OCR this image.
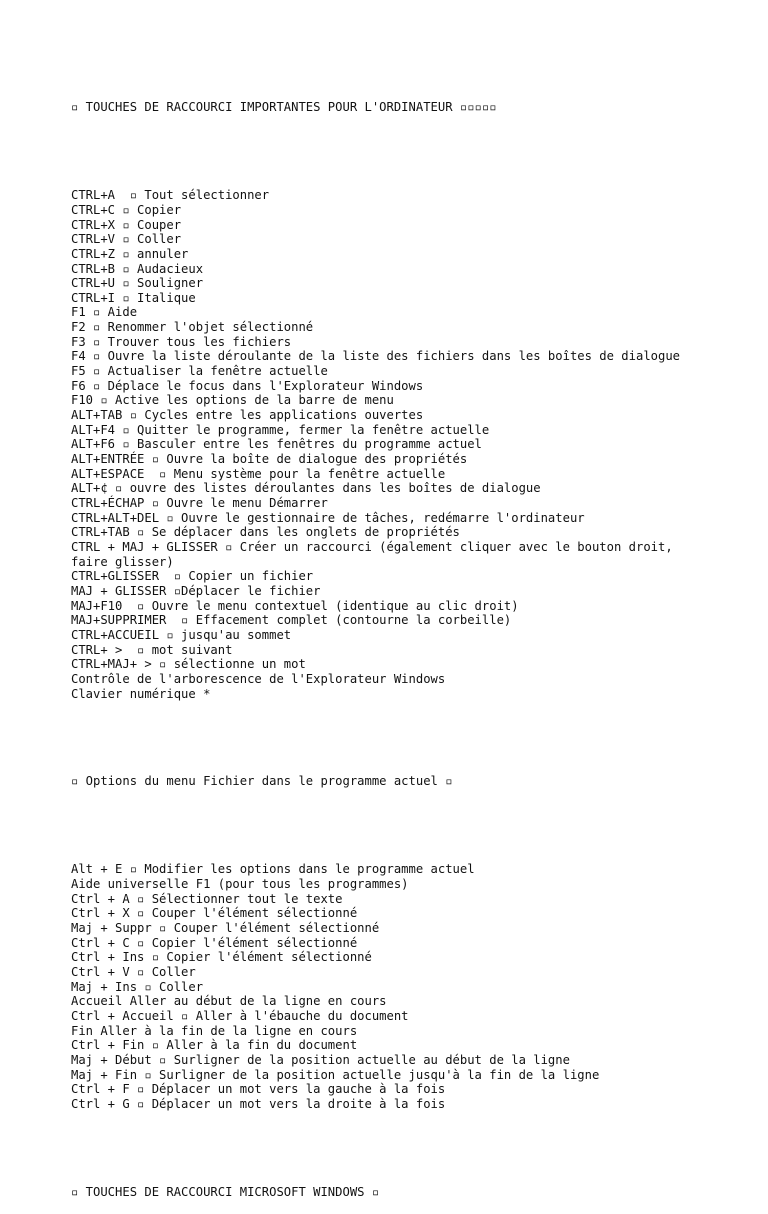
▫ TOUCHES DE RACCOURCI IMPORTANTES POUR L'ORDINATEUR ▫▫▫▫▫

CTRL+A  ▫ Tout sélectionner
CTRL+C ▫ Copier
CTRL+X ▫ Couper
CTRL+V ▫ Coller
CTRL+Z ▫ annuler
CTRL+B ▫ Audacieux
CTRL+U ▫ Souligner
CTRL+I ▫ Italique
F1 ▫ Aide
F2 ▫ Renommer l'objet sélectionné
F3 ▫ Trouver tous les fichiers
F4 ▫ Ouvre la liste déroulante de la liste des fichiers dans les boîtes de dialogue
F5 ▫ Actualiser la fenêtre actuelle
F6 ▫ Déplace le focus dans l'Explorateur Windows
F10 ▫ Active les options de la barre de menu
ALT+TAB ▫ Cycles entre les applications ouvertes
ALT+F4 ▫ Quitter le programme, fermer la fenêtre actuelle
ALT+F6 ▫ Basculer entre les fenêtres du programme actuel
ALT+ENTRÉE ▫ Ouvre la boîte de dialogue des propriétés
ALT+ESPACE  ▫ Menu système pour la fenêtre actuelle
ALT+¢ ▫ ouvre des listes déroulantes dans les boîtes de dialogue
CTRL+ÉCHAP ▫ Ouvre le menu Démarrer
CTRL+ALT+DEL ▫ Ouvre le gestionnaire de tâches, redémarre l'ordinateur
CTRL+TAB ▫ Se déplacer dans les onglets de propriétés
CTRL + MAJ + GLISSER ▫ Créer un raccourci (également cliquer avec le bouton droit,
faire glisser)
CTRL+GLISSER  ▫ Copier un fichier
MAJ + GLISSER ▫Déplacer le fichier
MAJ+F10  ▫ Ouvre le menu contextuel (identique au clic droit)
MAJ+SUPPRIMER  ▫ Effacement complet (contourne la corbeille)
CTRL+ACCUEIL ▫ jusqu'au sommet
CTRL+ >  ▫ mot suivant
CTRL+MAJ+ > ▫ sélectionne un mot
Contrôle de l'arborescence de l'Explorateur Windows
Clavier numérique *

▫ Options du menu Fichier dans le programme actuel ▫

Alt + E ▫ Modifier les options dans le programme actuel
Aide universelle F1 (pour tous les programmes)
Ctrl + A ▫ Sélectionner tout le texte
Ctrl + X ▫ Couper l'élément sélectionné
Maj + Suppr ▫ Couper l'élément sélectionné
Ctrl + C ▫ Copier l'élément sélectionné
Ctrl + Ins ▫ Copier l'élément sélectionné
Ctrl + V ▫ Coller
Maj + Ins ▫ Coller
Accueil Aller au début de la ligne en cours
Ctrl + Accueil ▫ Aller à l'ébauche du document
Fin Aller à la fin de la ligne en cours
Ctrl + Fin ▫ Aller à la fin du document
Maj + Début ▫ Surligner de la position actuelle au début de la ligne
Maj + Fin ▫ Surligner de la position actuelle jusqu'à la fin de la ligne
Ctrl + F ▫ Déplacer un mot vers la gauche à la fois
Ctrl + G ▫ Déplacer un mot vers la droite à la fois

▫ TOUCHES DE RACCOURCI MICROSOFT WINDOWS ▫
